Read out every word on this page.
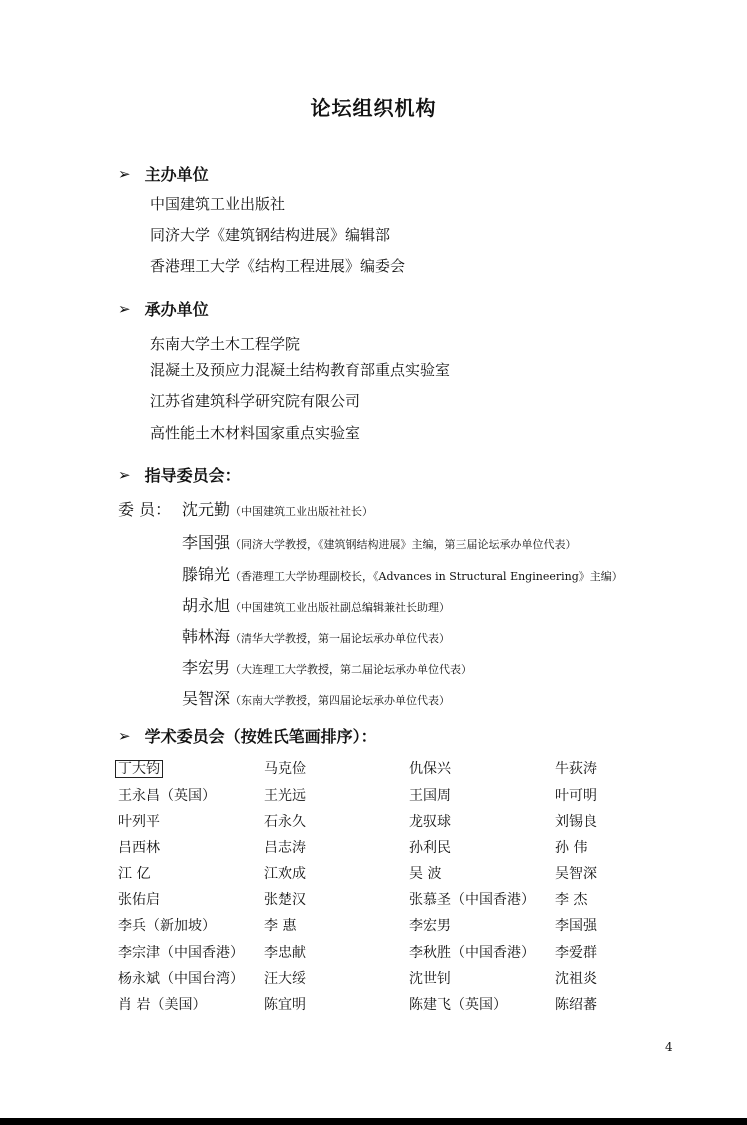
论坛组织机构
➢ 主办单位
中国建筑工业出版社
同济大学《建筑钢结构进展》编辑部
香港理工大学《结构工程进展》编委会
➢ 承办单位
东南大学土木工程学院
混凝土及预应力混凝土结构教育部重点实验室
江苏省建筑科学研究院有限公司
高性能土木材料国家重点实验室
➢ 指导委员会：
委 员： 沈元勤（中国建筑工业出版社社长）
李国强（同济大学教授，《建筑钢结构进展》主编，第三届论坛承办单位代表）
滕锦光（香港理工大学协理副校长，《Advances in Structural Engineering》主编）
胡永旭（中国建筑工业出版社副总编辑兼社长助理）
韩林海（清华大学教授，第一届论坛承办单位代表）
李宏男（大连理工大学教授，第二届论坛承办单位代表）
吴智深（东南大学教授，第四届论坛承办单位代表）
➢ 学术委员会（按姓氏笔画排序）：
丁大钧	马克俭	仇保兴	牛荻涛
王永昌（英国）	王光远	王国周	叶可明
叶列平	石永久	龙驭球	刘锡良
吕西林	吕志涛	孙利民	孙 伟
江 亿	江欢成	吴 波	吴智深
张佑启	张楚汉	张慕圣（中国香港） 李 杰
李兵（新加坡）	李 惠	李宏男	李国强
李宗津（中国香港） 李忠献	李秋胜（中国香港） 李爱群
杨永斌（中国台湾） 汪大绥	沈世钊	沈祖炎
肖 岩（美国）	陈宜明	陈建飞（英国）	陈绍蕃
4
